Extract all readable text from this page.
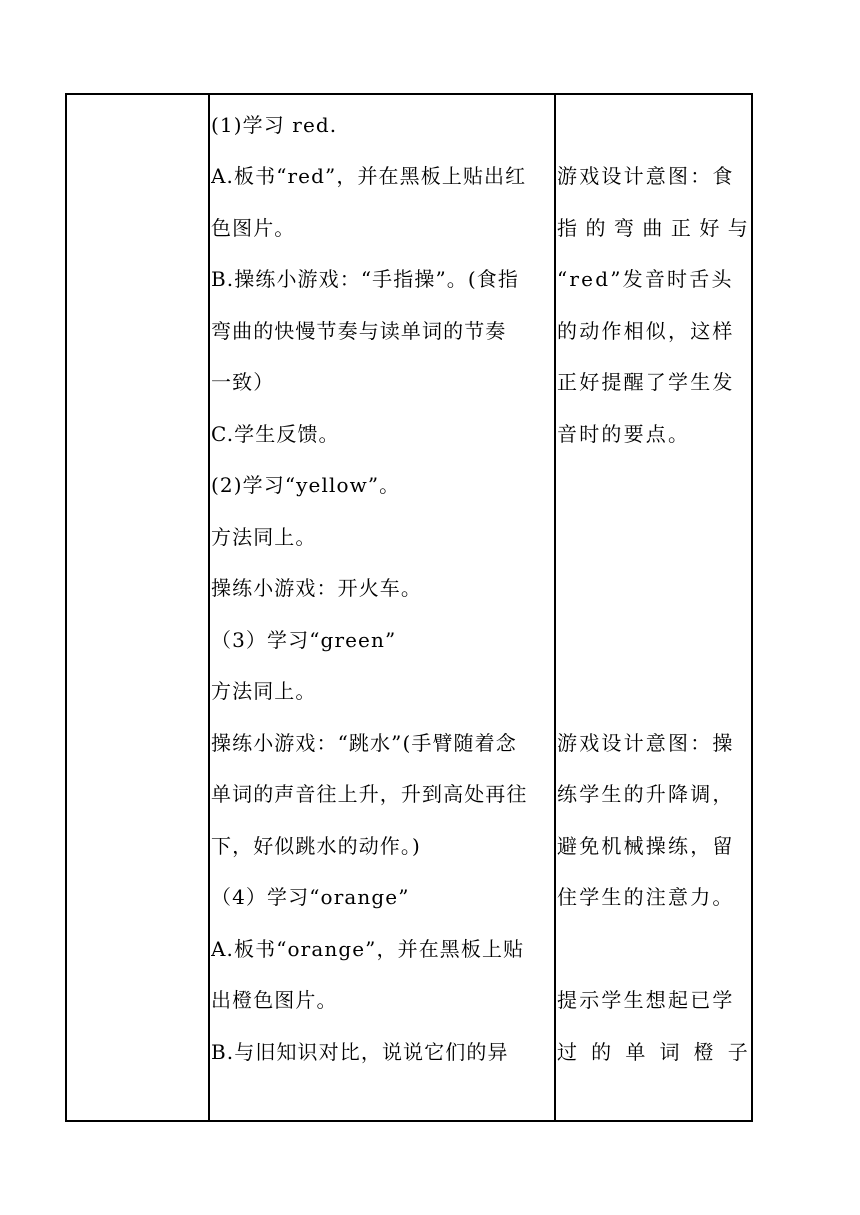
(1)学习 red.
A.板书“red”，并在黑板上贴出红
色图片。
B.操练小游戏：“手指操”。(食指
弯曲的快慢节奏与读单词的节奏
一致）
C.学生反馈。
(2)学习“yellow”。
方法同上。
操练小游戏：开火车。
（3）学习“green”
方法同上。
操练小游戏：“跳水”(手臂随着念
单词的声音往上升，升到高处再往
下，好似跳水的动作。)
（4）学习“orange”
A.板书“orange”，并在黑板上贴
出橙色图片。
B.与旧知识对比，说说它们的异
游戏设计意图：食
指的弯曲正好与
“red”发音时舌头
的动作相似，这样
正好提醒了学生发
音时的要点。
游戏设计意图：操
练学生的升降调，
避免机械操练，留
住学生的注意力。
提示学生想起已学
过的单词橙子
